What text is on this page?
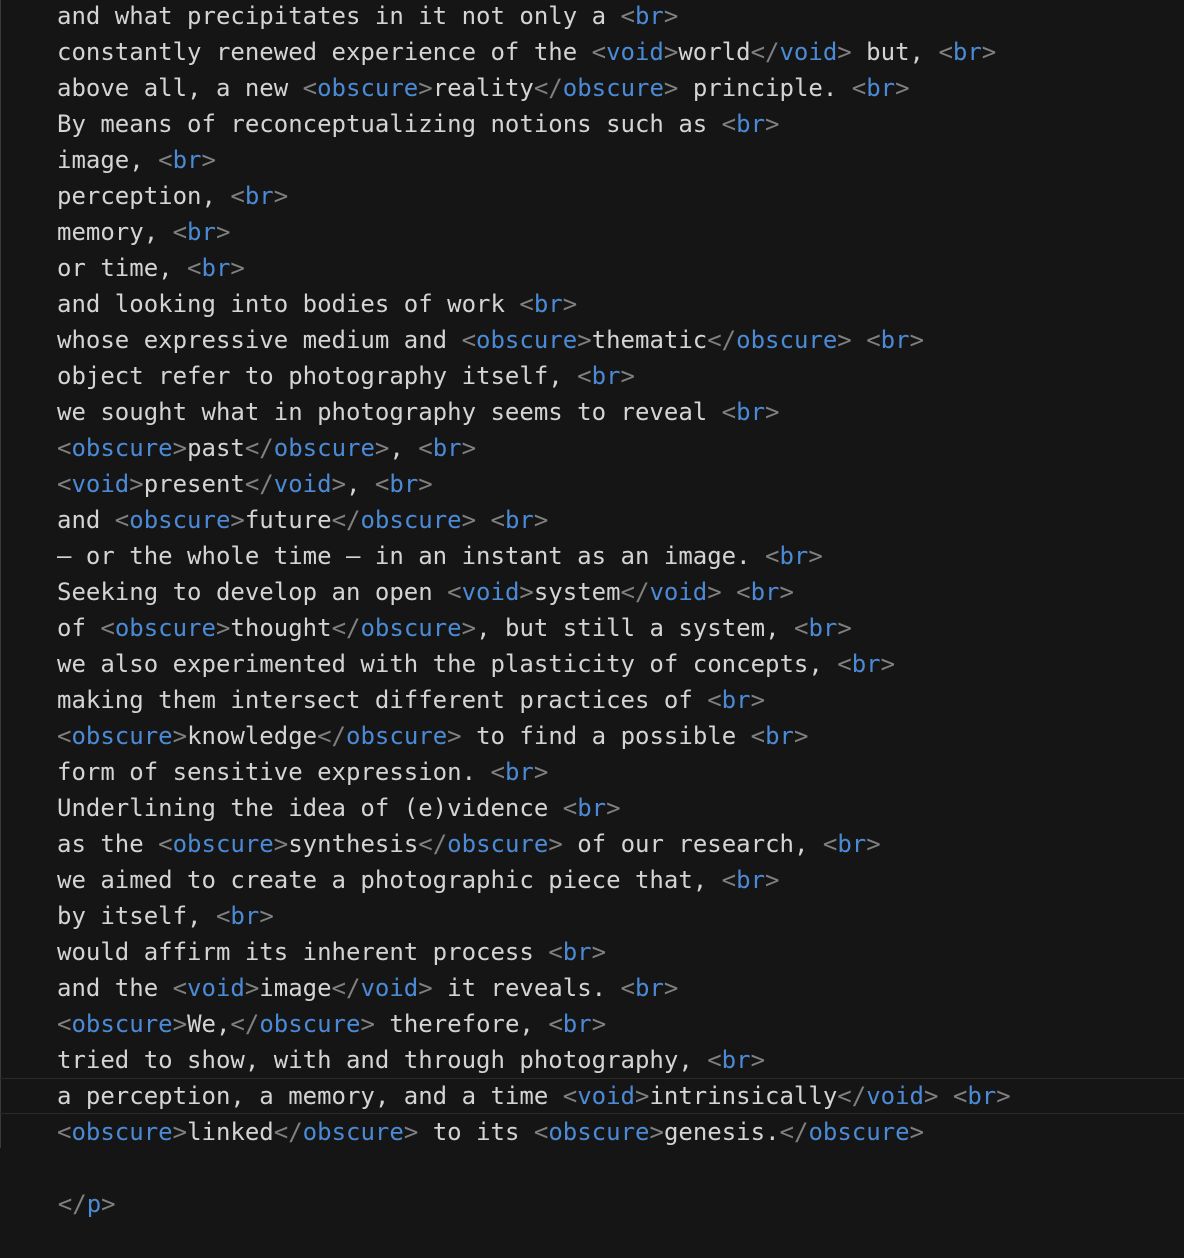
and what precipitates in it not only a <br>
constantly renewed experience of the <void>world</void> but, <br>
above all, a new <obscure>reality</obscure> principle. <br>
By means of reconceptualizing notions such as <br>
image, <br>
perception, <br>
memory, <br>
or time, <br>
and looking into bodies of work <br>
whose expressive medium and <obscure>thematic</obscure> <br>
object refer to photography itself, <br>
we sought what in photography seems to reveal <br>
<obscure>past</obscure>, <br>
<void>present</void>, <br>
and <obscure>future</obscure> <br>
— or the whole time — in an instant as an image. <br>
Seeking to develop an open <void>system</void> <br>
of <obscure>thought</obscure>, but still a system, <br>
we also experimented with the plasticity of concepts, <br>
making them intersect different practices of <br>
<obscure>knowledge</obscure> to find a possible <br>
form of sensitive expression. <br>
Underlining the idea of (e)vidence <br>
as the <obscure>synthesis</obscure> of our research, <br>
we aimed to create a photographic piece that, <br>
by itself, <br>
would affirm its inherent process <br>
and the <void>image</void> it reveals. <br>
<obscure>We,</obscure> therefore, <br>
tried to show, with and through photography, <br>
a perception, a memory, and a time <void>intrinsically</void> <br>
<obscure>linked</obscure> to its <obscure>genesis.</obscure>

</p>
